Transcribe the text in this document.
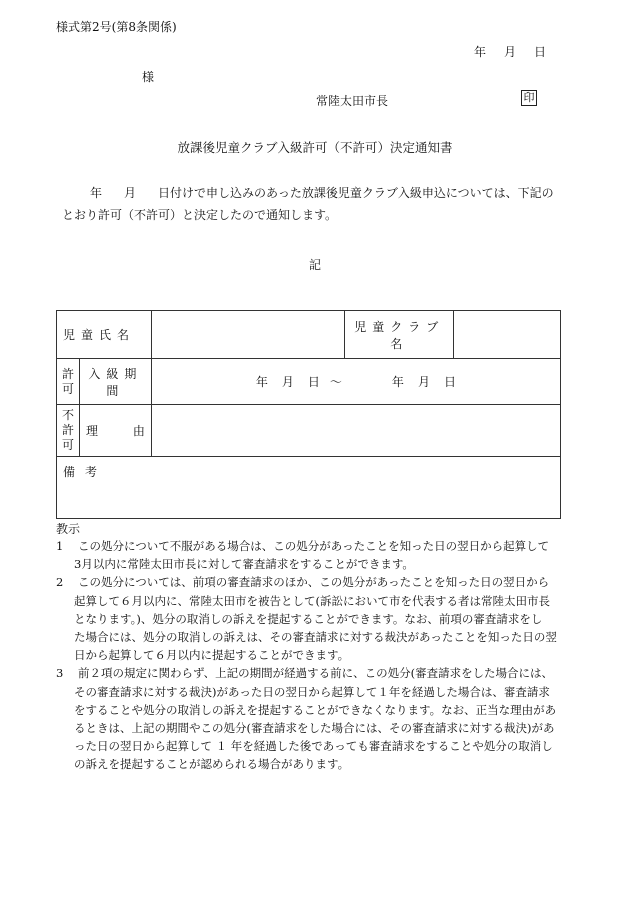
様式第2号(第8条関係)
年 月 日
様
常陸太田市長	印
放課後児童クラブ入級許可（不許可）決定通知書
年 月 日付けで申し込みのあった放課後児童クラブ入級申込については、下記の
とおり許可（不許可）と決定したので通知します。
記
児童氏名			児童クラブ名	

許
可	入級期間	年 月 日 ～ 年 月 日		

不
許
可	理 由			

備考				
教示
1	この処分について不服がある場合は、この処分があったことを知った日の翌日から起算して
3月以内に常陸太田市長に対して審査請求をすることができます。
2	この処分については、前項の審査請求のほか、この処分があったことを知った日の翌日から
起算して６月以内に、常陸太田市を被告として(訴訟において市を代表する者は常陸太田市長
となります。)、処分の取消しの訴えを提起することができます。なお、前項の審査請求をし
た場合には、処分の取消しの訴えは、その審査請求に対する裁決があったことを知った日の翌
日から起算して６月以内に提起することができます。
3	前２項の規定に関わらず、上記の期間が経過する前に、この処分(審査請求をした場合には、
その審査請求に対する裁決)があった日の翌日から起算して１年を経過した場合は、審査請求
をすることや処分の取消しの訴えを提起することができなくなります。なお、正当な理由があ
るときは、上記の期間やこの処分(審査請求をした場合には、その審査請求に対する裁決)があ
った日の翌日から起算して １ 年を経過した後であっても審査請求をすることや処分の取消し
の訴えを提起することが認められる場合があります。
